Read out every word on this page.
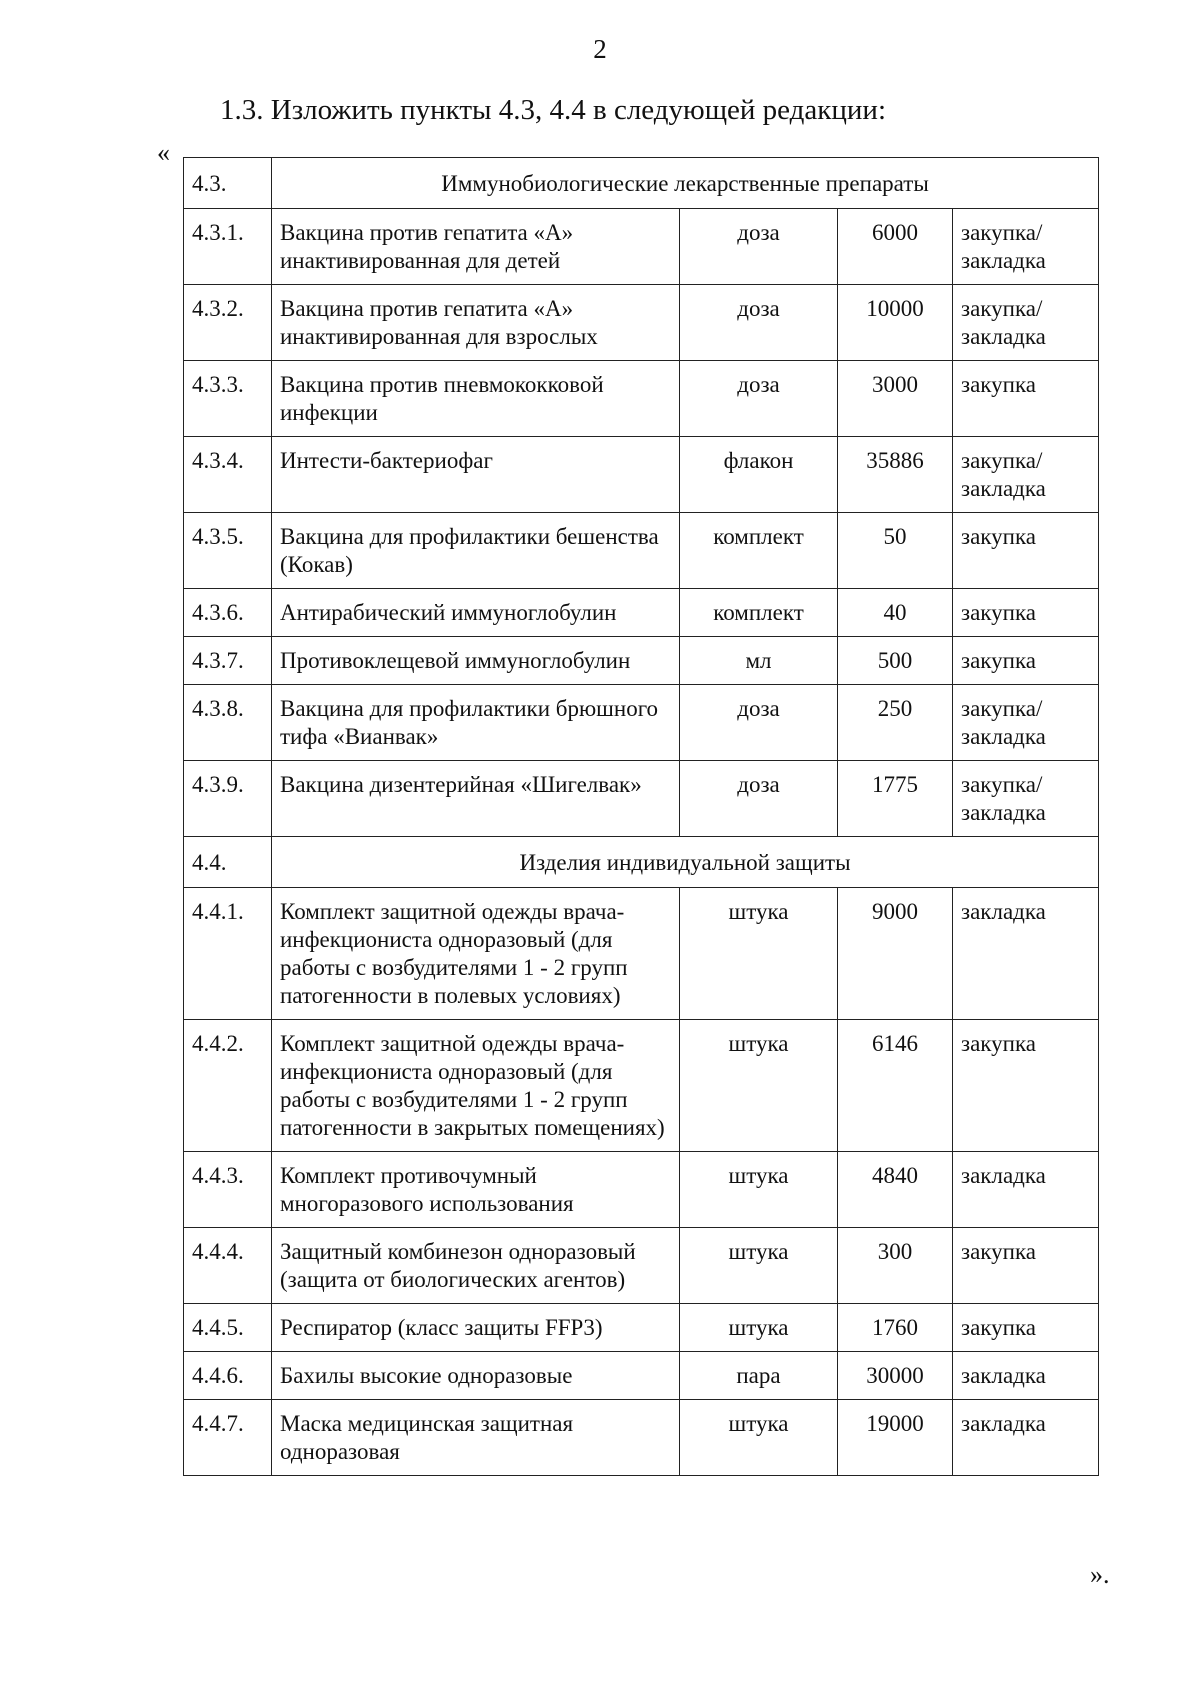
2
1.3. Изложить пункты 4.3, 4.4 в следующей редакции:
«
4.3.	Иммунобиологические лекарственные препараты			
4.3.1.	Вакцина против гепатита «А» инактивированная для детей	доза	6000	закупка/ закладка
4.3.2.	Вакцина против гепатита «А» инактивированная для взрослых	доза	10000	закупка/ закладка
4.3.3.	Вакцина против пневмококковой инфекции	доза	3000	закупка
4.3.4.	Интести-бактериофаг	флакон	35886	закупка/ закладка
4.3.5.	Вакцина для профилактики бешенства (Кокав)	комплект	50	закупка
4.3.6.	Антирабический иммуноглобулин	комплект	40	закупка
4.3.7.	Противоклещевой иммуноглобулин	мл	500	закупка
4.3.8.	Вакцина для профилактики брюшного тифа «Вианвак»	доза	250	закупка/ закладка
4.3.9.	Вакцина дизентерийная «Шигелвак»	доза	1775	закупка/ закладка
4.4.	Изделия индивидуальной защиты			
4.4.1.	Комплект защитной одежды врача-инфекциониста одноразовый (для работы с возбудителями 1 - 2 групп патогенности в полевых условиях)	штука	9000	закладка
4.4.2.	Комплект защитной одежды врача-инфекциониста одноразовый (для работы с возбудителями 1 - 2 групп патогенности в закрытых помещениях)	штука	6146	закупка
4.4.3.	Комплект противочумный многоразового использования	штука	4840	закладка
4.4.4.	Защитный комбинезон одноразовый (защита от биологических агентов)	штука	300	закупка
4.4.5.	Респиратор (класс защиты FFP3)	штука	1760	закупка
4.4.6.	Бахилы высокие одноразовые	пара	30000	закладка
4.4.7.	Маска медицинская защитная одноразовая	штука	19000	закладка
».
